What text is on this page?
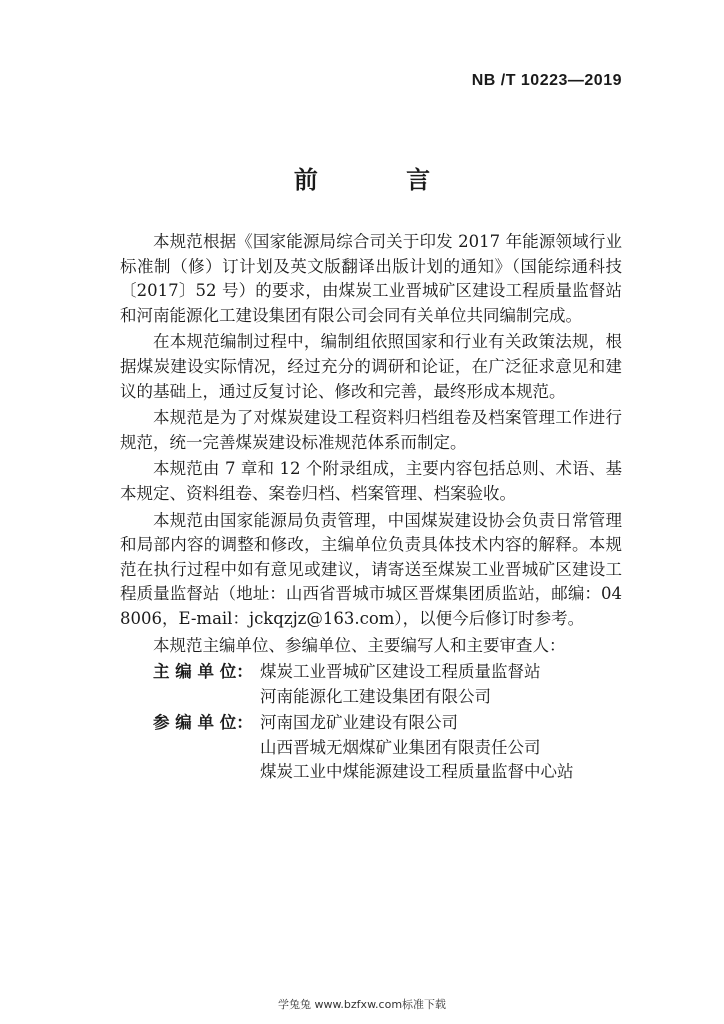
NB /T 10223—2019
前 言

本规范根据《国家能源局综合司关于印发 2017 年能源领域行业标准制（修）订计划及英文版翻译出版计划的通知》（国能综通科技〔2017〕52 号）的要求，由煤炭工业晋城矿区建设工程质量监督站和河南能源化工建设集团有限公司会同有关单位共同编制完成。

在本规范编制过程中，编制组依照国家和行业有关政策法规，根据煤炭建设实际情况，经过充分的调研和论证，在广泛征求意见和建议的基础上，通过反复讨论、修改和完善，最终形成本规范。

本规范是为了对煤炭建设工程资料归档组卷及档案管理工作进行规范，统一完善煤炭建设标准规范体系而制定。

本规范由 7 章和 12 个附录组成，主要内容包括总则、术语、基本规定、资料组卷、案卷归档、档案管理、档案验收。

本规范由国家能源局负责管理，中国煤炭建设协会负责日常管理和局部内容的调整和修改，主编单位负责具体技术内容的解释。本规范在执行过程中如有意见或建议，请寄送至煤炭工业晋城矿区建设工程质量监督站（地址：山西省晋城市城区晋煤集团质监站，邮编：048006，E-mail：jckqzjz@163.com），以便今后修订时参考。

本规范主编单位、参编单位、主要编写人和主要审查人：

主 编 单 位： 煤炭工业晋城矿区建设工程质量监督站
河南能源化工建设集团有限公司
参 编 单 位： 河南国龙矿业建设有限公司
山西晋城无烟煤矿业集团有限责任公司
煤炭工业中煤能源建设工程质量监督中心站
学兔兔 www.bzfxw.com标准下载
